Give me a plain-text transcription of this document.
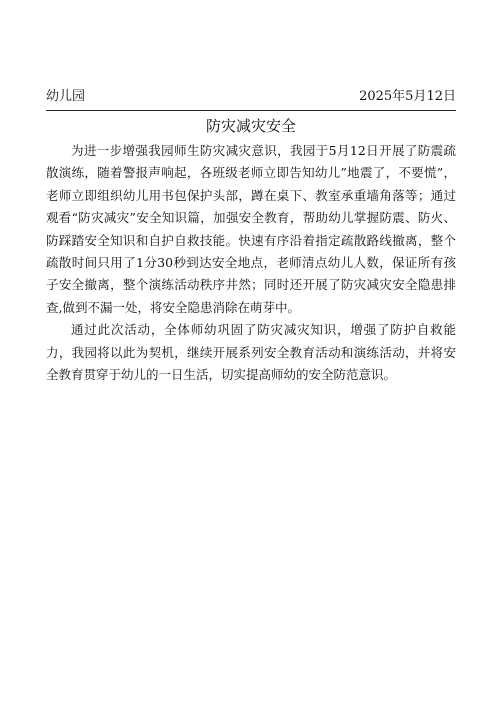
幼儿园	2025年5月12日
防灾减灾安全

为进一步增强我园师生防灾减灾意识，我园于5月12日开展了防震疏散演练，随着警报声响起，各班级老师立即告知幼儿”地震了，不要慌”，老师立即组织幼儿用书包保护头部，蹲在桌下、教室承重墙角落等；通过观看“防灾减灾”安全知识篇，加强安全教育，帮助幼儿掌握防震、防火、防踩踏安全知识和自护自救技能。快速有序沿着指定疏散路线撤离，整个疏散时间只用了1分30秒到达安全地点，老师清点幼儿人数，保证所有孩子安全撤离，整个演练活动秩序井然；同时还开展了防灾减灾安全隐患排查,做到不漏一处，将安全隐患消除在萌芽中。

通过此次活动，全体师幼巩固了防灾减灾知识，增强了防护自救能力，我园将以此为契机，继续开展系列安全教育活动和演练活动，并将安全教育贯穿于幼儿的一日生活，切实提高师幼的安全防范意识。
